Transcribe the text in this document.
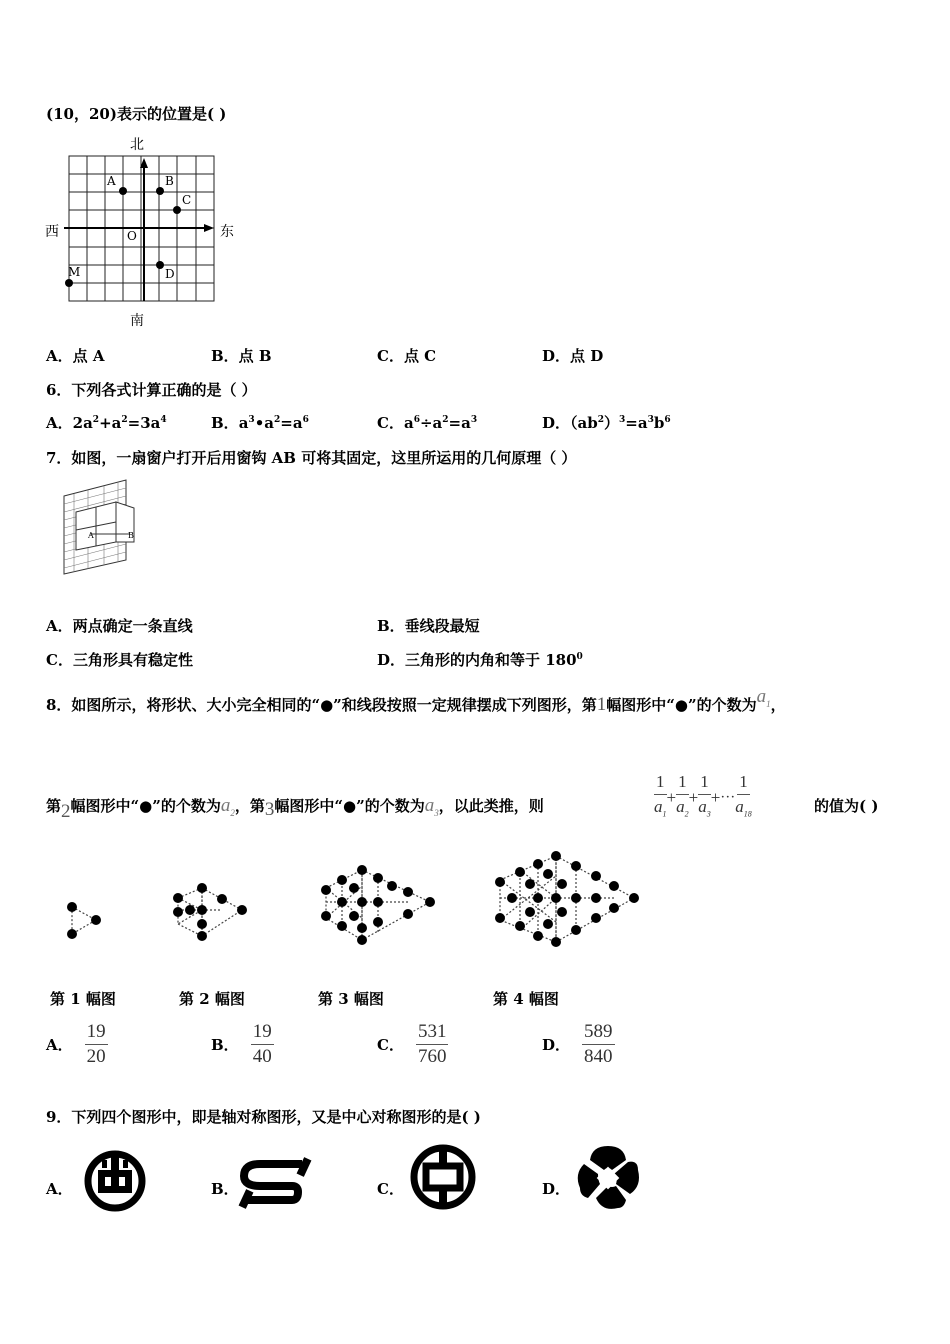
(10，20)表示的位置是( )
北
南
西	东
A	B
C
O
D
M
A．点 A	B．点 B	C．点 C	D．点 D
6．下列各式计算正确的是（ ）
A．$2a^2+a^2=3a^4$	B．$a^3•a^2=a^6$	C．$a^6\div a^2=a^3$	D．$(ab^2)^3=a^3b^6$
7．如图，一扇窗户打开后用窗钩 AB 可将其固定，这里所运用的几何原理（ ）
A	B
A．两点确定一条直线	B．垂线段最短
C．三角形具有稳定性	D．三角形的内角和等于 $180^0$
8．如图所示，将形状、大小完全相同的“●”和线段按照一定规律摆成下列图形，第1幅图形中“●”的个数为$a_1$，
第2幅图形中“●”的个数为$a_2$，第3幅图形中“●”的个数为$a_3$，以此类推，则	$\frac{1}{a_1} + \frac{1}{a_2} + \frac{1}{a_3}$ +··· $\frac{1}{a_{18}}$	的值为( )
第 1 幅图	第 2 幅图	第 3 幅图	第 4 幅图
A． $\frac{19}{20}$	B． $\frac{19}{40}$	C． $\frac{531}{760}$	D． $\frac{589}{840}$
9．下列四个图形中，即是轴对称图形，又是中心对称图形的是( )
A．	B．	C．	D．
